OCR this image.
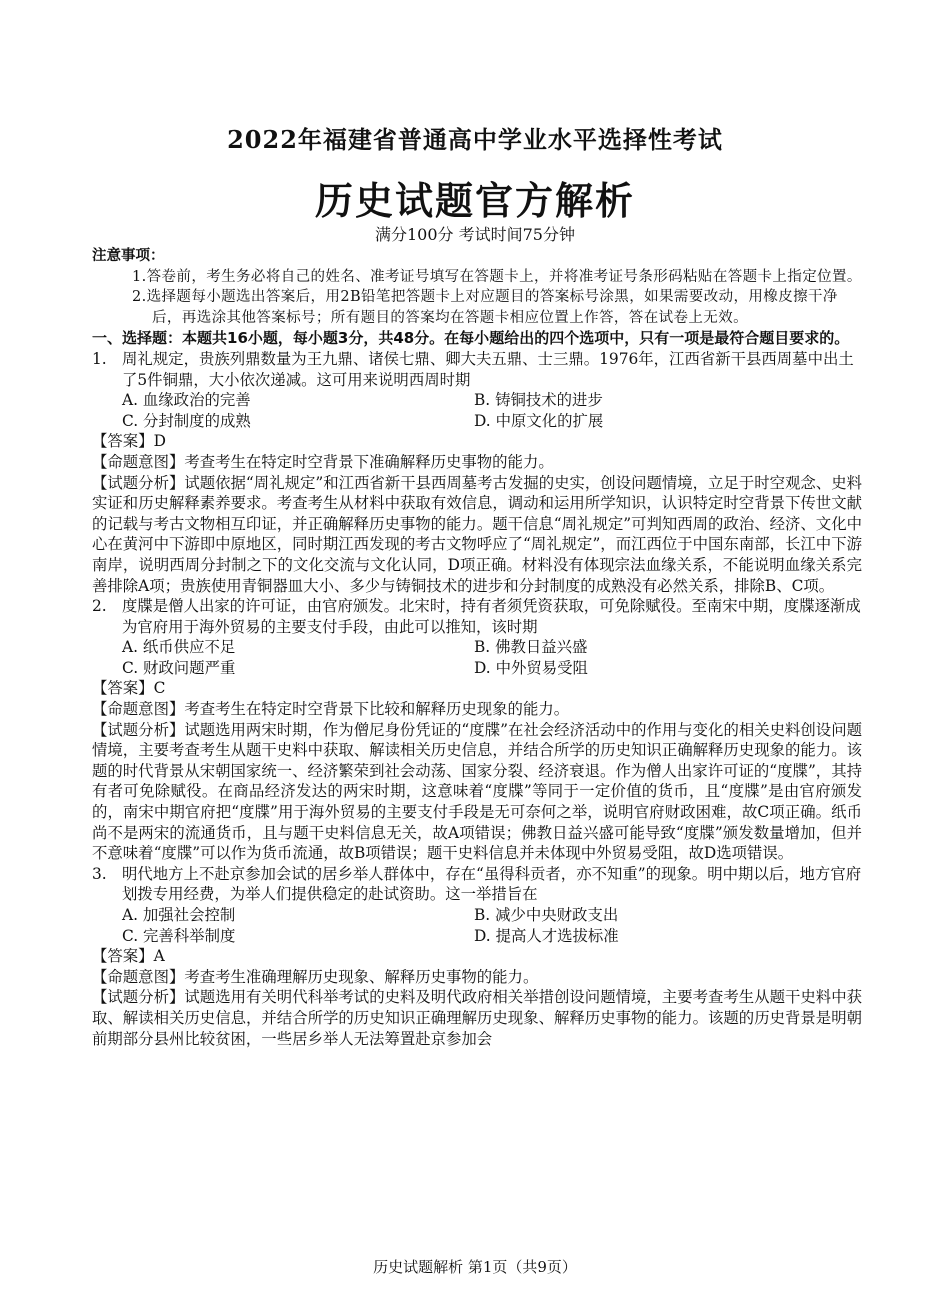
2022年福建省普通高中学业水平选择性考试
历史试题官方解析
满分100分 考试时间75分钟
注意事项：
1.答卷前，考生务必将自己的姓名、准考证号填写在答题卡上，并将准考证号条形码粘贴在答题卡上指定位置。
2.选择题每小题选出答案后，用2B铅笔把答题卡上对应题目的答案标号涂黑，如果需要改动，用橡皮擦干净后，再选涂其他答案标号；所有题目的答案均在答题卡相应位置上作答，答在试卷上无效。
一、选择题：本题共16小题，每小题3分，共48分。在每小题给出的四个选项中，只有一项是最符合题目要求的。
1. 周礼规定，贵族列鼎数量为王九鼎、诸侯七鼎、卿大夫五鼎、士三鼎。1976年，江西省新干县西周墓中出土了5件铜鼎，大小依次递减。这可用来说明西周时期
A. 血缘政治的完善	B. 铸铜技术的进步
C. 分封制度的成熟	D. 中原文化的扩展
【答案】D
【命题意图】考查考生在特定时空背景下准确解释历史事物的能力。
【试题分析】试题依据“周礼规定”和江西省新干县西周墓考古发掘的史实，创设问题情境，立足于时空观念、史料实证和历史解释素养要求。考查考生从材料中获取有效信息，调动和运用所学知识，认识特定时空背景下传世文献的记载与考古文物相互印证，并正确解释历史事物的能力。题干信息“周礼规定”可判知西周的政治、经济、文化中心在黄河中下游即中原地区，同时期江西发现的考古文物呼应了“周礼规定”，而江西位于中国东南部，长江中下游南岸，说明西周分封制之下的文化交流与文化认同，D项正确。材料没有体现宗法血缘关系，不能说明血缘关系完善排除A项；贵族使用青铜器皿大小、多少与铸铜技术的进步和分封制度的成熟没有必然关系，排除B、C项。
2. 度牒是僧人出家的许可证，由官府颁发。北宋时，持有者须凭资获取，可免除赋役。至南宋中期，度牒逐渐成为官府用于海外贸易的主要支付手段，由此可以推知，该时期
A. 纸币供应不足	B. 佛教日益兴盛
C. 财政问题严重	D. 中外贸易受阻
【答案】C
【命题意图】考查考生在特定时空背景下比较和解释历史现象的能力。
【试题分析】试题选用两宋时期，作为僧尼身份凭证的“度牒”在社会经济活动中的作用与变化的相关史料创设问题情境，主要考查考生从题干史料中获取、解读相关历史信息，并结合所学的历史知识正确解释历史现象的能力。该题的时代背景从宋朝国家统一、经济繁荣到社会动荡、国家分裂、经济衰退。作为僧人出家许可证的“度牒”，其持有者可免除赋役。在商品经济发达的两宋时期，这意味着“度牒”等同于一定价值的货币，且“度牒”是由官府颁发的，南宋中期官府把“度牒”用于海外贸易的主要支付手段是无可奈何之举，说明官府财政困难，故C项正确。纸币尚不是两宋的流通货币，且与题干史料信息无关，故A项错误；佛教日益兴盛可能导致“度牒”颁发数量增加，但并不意味着“度牒”可以作为货币流通，故B项错误；题干史料信息并未体现中外贸易受阻，故D选项错误。
3. 明代地方上不赴京参加会试的居乡举人群体中，存在“虽得科贡者，亦不知重”的现象。明中期以后，地方官府划拨专用经费，为举人们提供稳定的赴试资助。这一举措旨在
A. 加强社会控制	B. 减少中央财政支出
C. 完善科举制度	D. 提高人才选拔标准
【答案】A
【命题意图】考查考生准确理解历史现象、解释历史事物的能力。
【试题分析】试题选用有关明代科举考试的史料及明代政府相关举措创设问题情境，主要考查考生从题干史料中获取、解读相关历史信息，并结合所学的历史知识正确理解历史现象、解释历史事物的能力。该题的历史背景是明朝前期部分县州比较贫困，一些居乡举人无法筹置赴京参加会
历史试题解析 第1页（共9页）
